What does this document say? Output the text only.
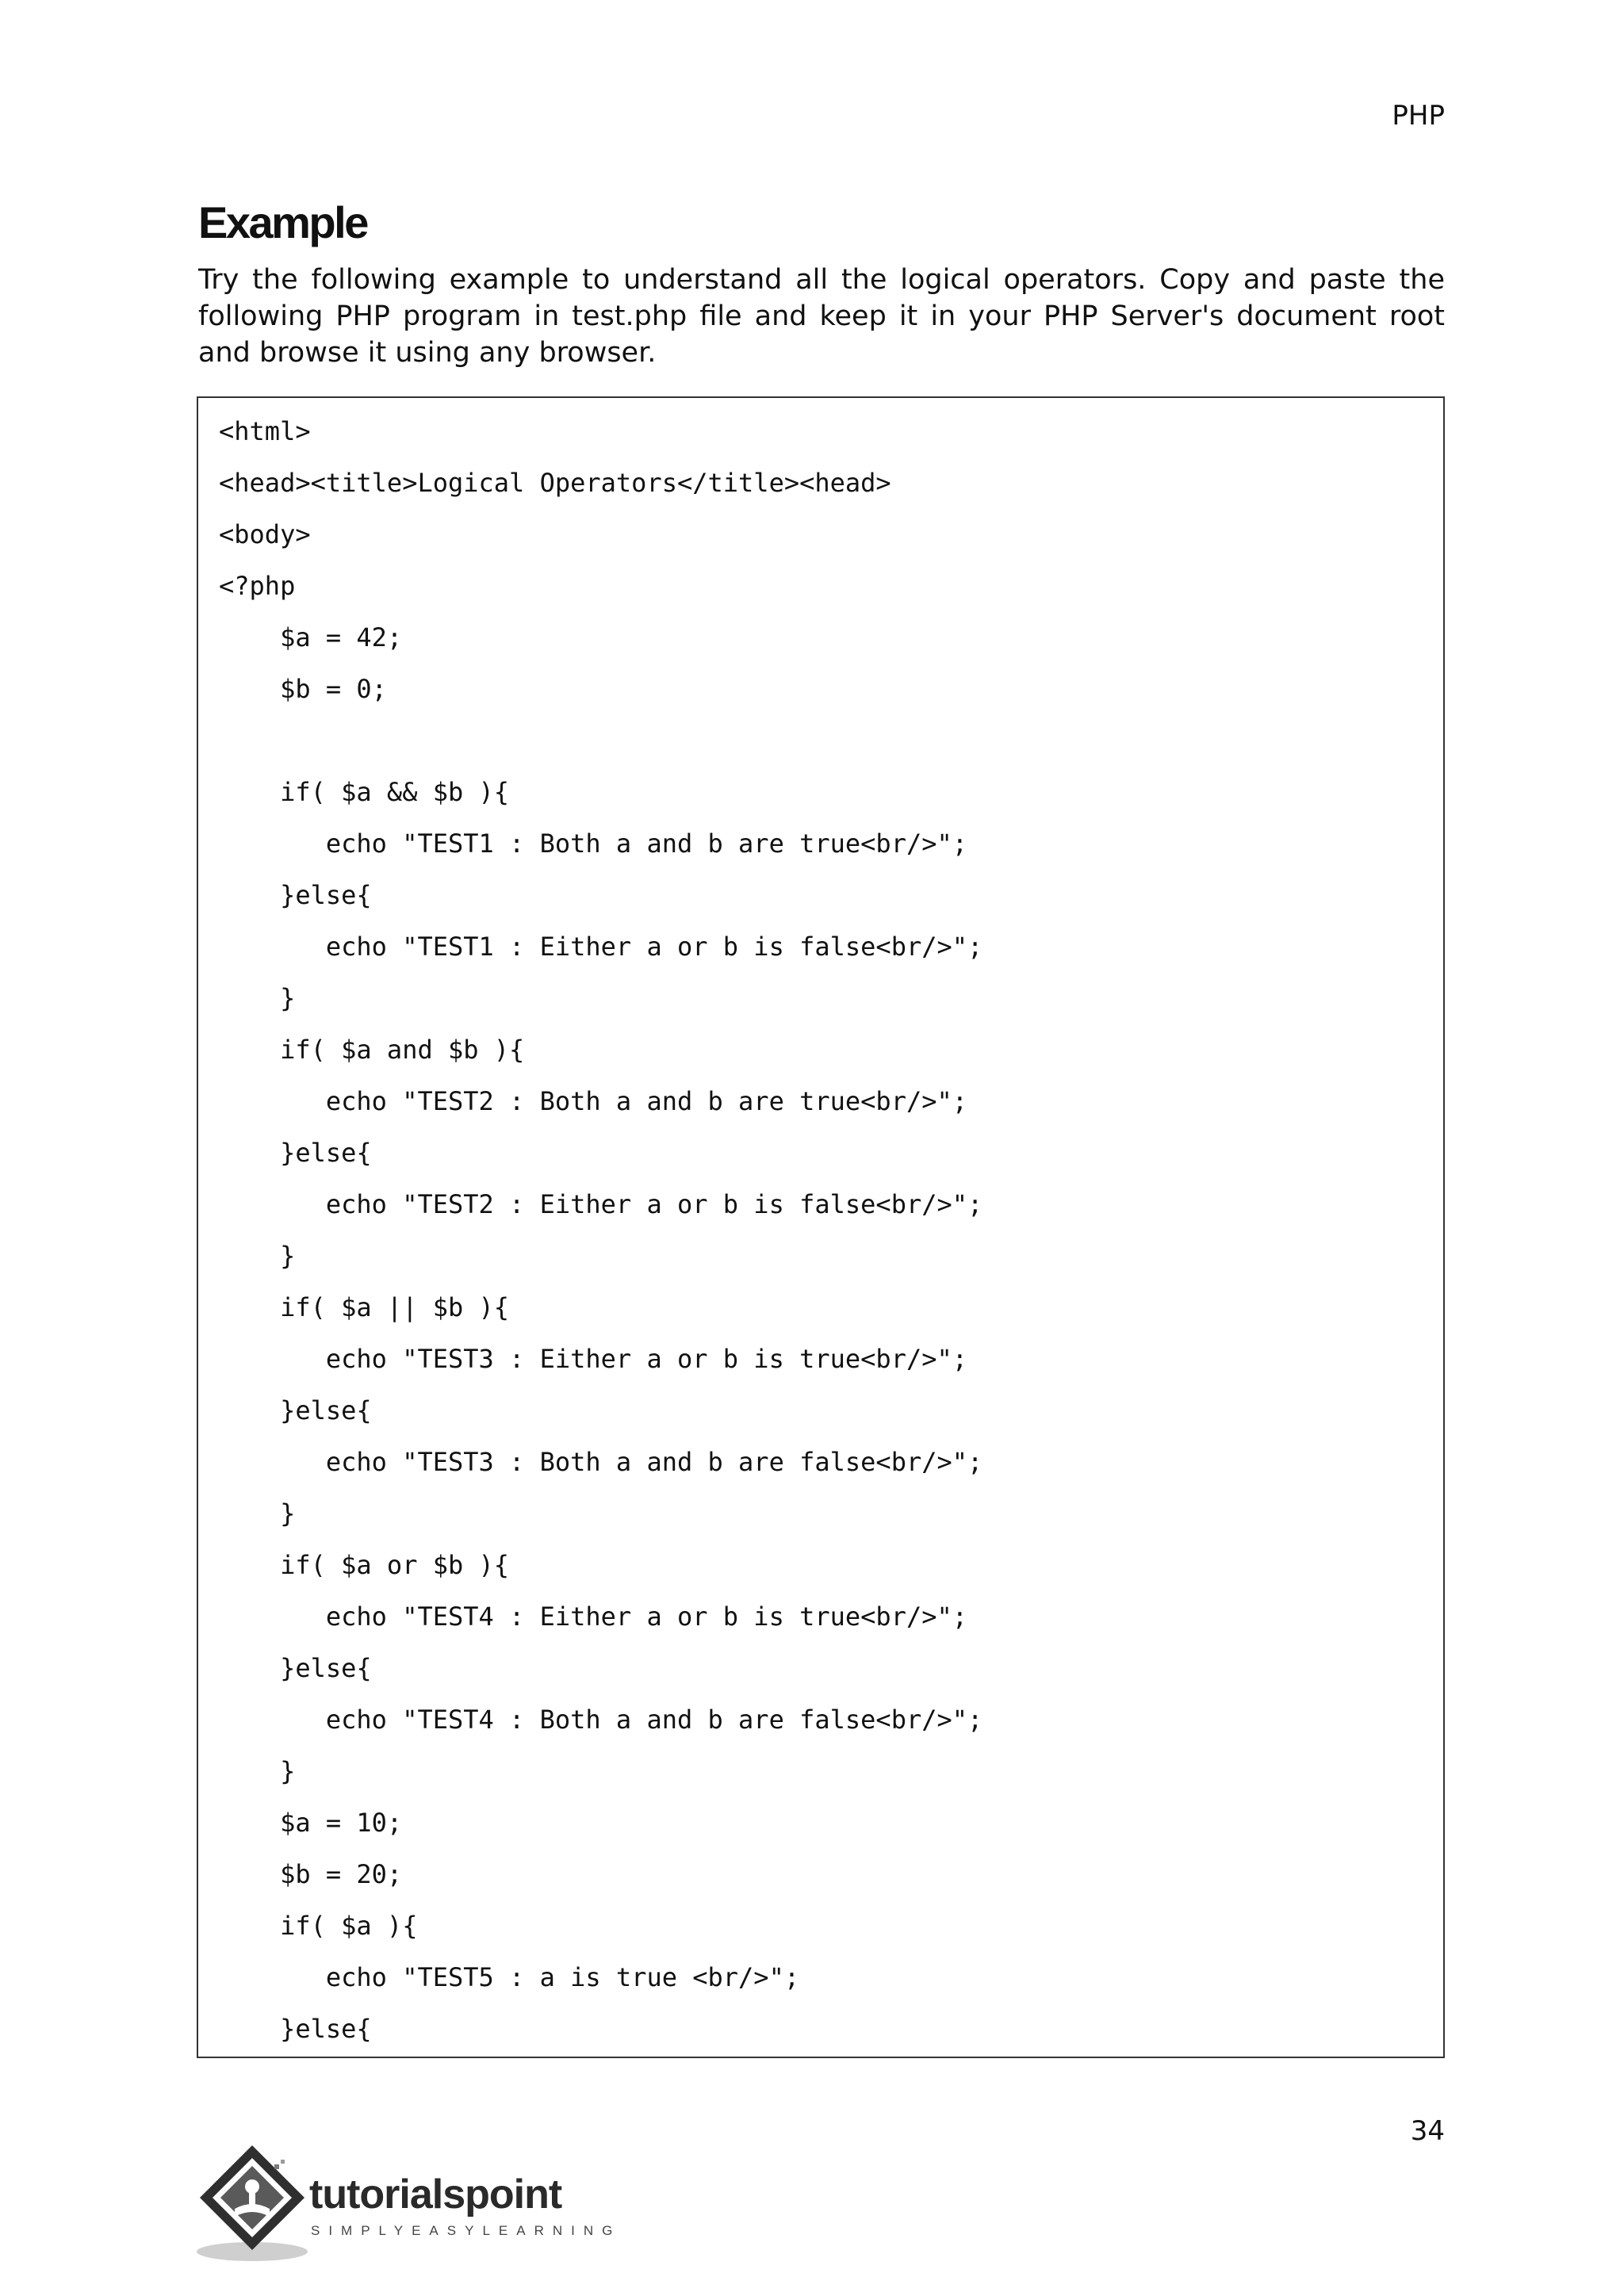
PHP
Example

Try the following example to understand all the logical operators. Copy and paste the following PHP program in test.php file and keep it in your PHP Server's document root and browse it using any browser.

<html>
<head><title>Logical Operators</title><head>
<body>
<?php
$a = 42;
$b = 0;
if( $a && $b ){
echo "TEST1 : Both a and b are true<br/>";
}else{
echo "TEST1 : Either a or b is false<br/>";
}
if( $a and $b ){
echo "TEST2 : Both a and b are true<br/>";
}else{
echo "TEST2 : Either a or b is false<br/>";
}
if( $a || $b ){
echo "TEST3 : Either a or b is true<br/>";
}else{
echo "TEST3 : Both a and b are false<br/>";
}
if( $a or $b ){
echo "TEST4 : Either a or b is true<br/>";
}else{
echo "TEST4 : Both a and b are false<br/>";
}
$a = 10;
$b = 20;
if( $a ){
echo "TEST5 : a is true <br/>";
}else{
34
tutorialspoint
SIMPLYEASYLEARNING
